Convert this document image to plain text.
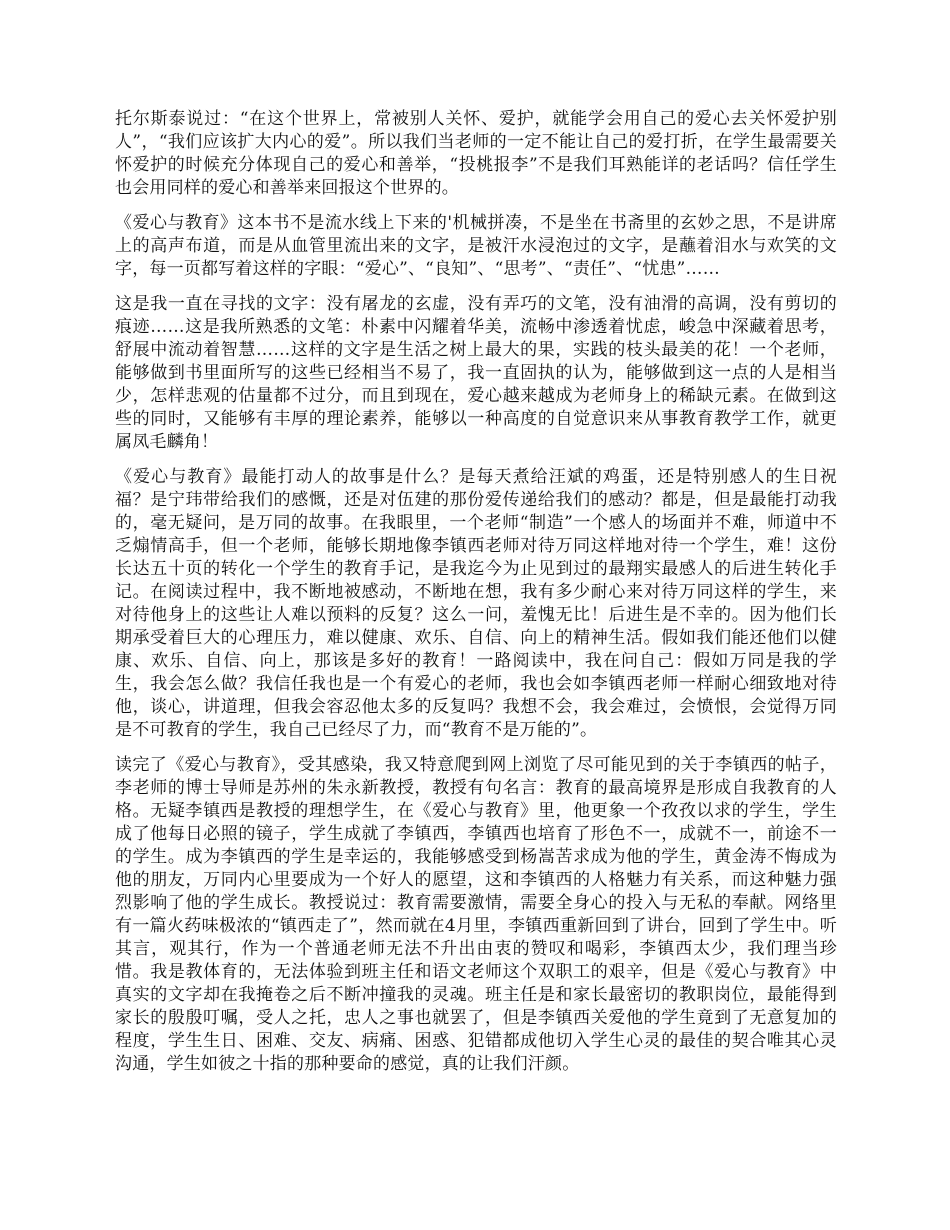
托尔斯泰说过：“在这个世界上，常被别人关怀、爱护，就能学会用自己的爱心去关怀爱护别人”，“我们应该扩大内心的爱”。所以我们当老师的一定不能让自己的爱打折，在学生最需要关怀爱护的时候充分体现自己的爱心和善举，“投桃报李”不是我们耳熟能详的老话吗？信任学生也会用同样的爱心和善举来回报这个世界的。

《爱心与教育》这本书不是流水线上下来的'机械拼凑，不是坐在书斋里的玄妙之思，不是讲席上的高声布道，而是从血管里流出来的文字，是被汗水浸泡过的文字，是蘸着泪水与欢笑的文字，每一页都写着这样的字眼：“爱心”、“良知”、“思考”、“责任”、“忧患”……

这是我一直在寻找的文字：没有屠龙的玄虚，没有弄巧的文笔，没有油滑的高调，没有剪切的痕迹……这是我所熟悉的文笔：朴素中闪耀着华美，流畅中渗透着忧虑，峻急中深藏着思考，舒展中流动着智慧……这样的文字是生活之树上最大的果，实践的枝头最美的花！一个老师，能够做到书里面所写的这些已经相当不易了，我一直固执的认为，能够做到这一点的人是相当少，怎样悲观的估量都不过分，而且到现在，爱心越来越成为老师身上的稀缺元素。在做到这些的同时，又能够有丰厚的理论素养，能够以一种高度的自觉意识来从事教育教学工作，就更属凤毛麟角！

《爱心与教育》最能打动人的故事是什么？是每天煮给汪斌的鸡蛋，还是特别感人的生日祝福？是宁玮带给我们的感慨，还是对伍建的那份爱传递给我们的感动？都是，但是最能打动我的，毫无疑问，是万同的故事。在我眼里，一个老师“制造”一个感人的场面并不难，师道中不乏煽情高手，但一个老师，能够长期地像李镇西老师对待万同这样地对待一个学生，难！这份长达五十页的转化一个学生的教育手记，是我迄今为止见到过的最翔实最感人的后进生转化手记。在阅读过程中，我不断地被感动，不断地在想，我有多少耐心来对待万同这样的学生，来对待他身上的这些让人难以预料的反复？这么一问，羞愧无比！后进生是不幸的。因为他们长期承受着巨大的心理压力，难以健康、欢乐、自信、向上的精神生活。假如我们能还他们以健康、欢乐、自信、向上，那该是多好的教育！一路阅读中，我在问自己：假如万同是我的学生，我会怎么做？我信任我也是一个有爱心的老师，我也会如李镇西老师一样耐心细致地对待他，谈心，讲道理，但我会容忍他太多的反复吗？我想不会，我会难过，会愤恨，会觉得万同是不可教育的学生，我自己已经尽了力，而“教育不是万能的”。

读完了《爱心与教育》，受其感染，我又特意爬到网上浏览了尽可能见到的关于李镇西的帖子，李老师的博士导师是苏州的朱永新教授，教授有句名言：教育的最高境界是形成自我教育的人格。无疑李镇西是教授的理想学生，在《爱心与教育》里，他更象一个孜孜以求的学生，学生成了他每日必照的镜子，学生成就了李镇西，李镇西也培育了形色不一，成就不一，前途不一的学生。成为李镇西的学生是幸运的，我能够感受到杨嵩苦求成为他的学生，黄金涛不悔成为他的朋友，万同内心里要成为一个好人的愿望，这和李镇西的人格魅力有关系，而这种魅力强烈影响了他的学生成长。教授说过：教育需要激情，需要全身心的投入与无私的奉献。网络里有一篇火药味极浓的“镇西走了”，然而就在4月里，李镇西重新回到了讲台，回到了学生中。听其言，观其行，作为一个普通老师无法不升出由衷的赞叹和喝彩，李镇西太少，我们理当珍惜。我是教体育的，无法体验到班主任和语文老师这个双职工的艰辛，但是《爱心与教育》中真实的文字却在我掩卷之后不断冲撞我的灵魂。班主任是和家长最密切的教职岗位，最能得到家长的殷殷叮嘱，受人之托，忠人之事也就罢了，但是李镇西关爱他的学生竟到了无意复加的程度，学生生日、困难、交友、病痛、困惑、犯错都成他切入学生心灵的最佳的契合唯其心灵沟通，学生如彼之十指的那种要命的感觉，真的让我们汗颜。
